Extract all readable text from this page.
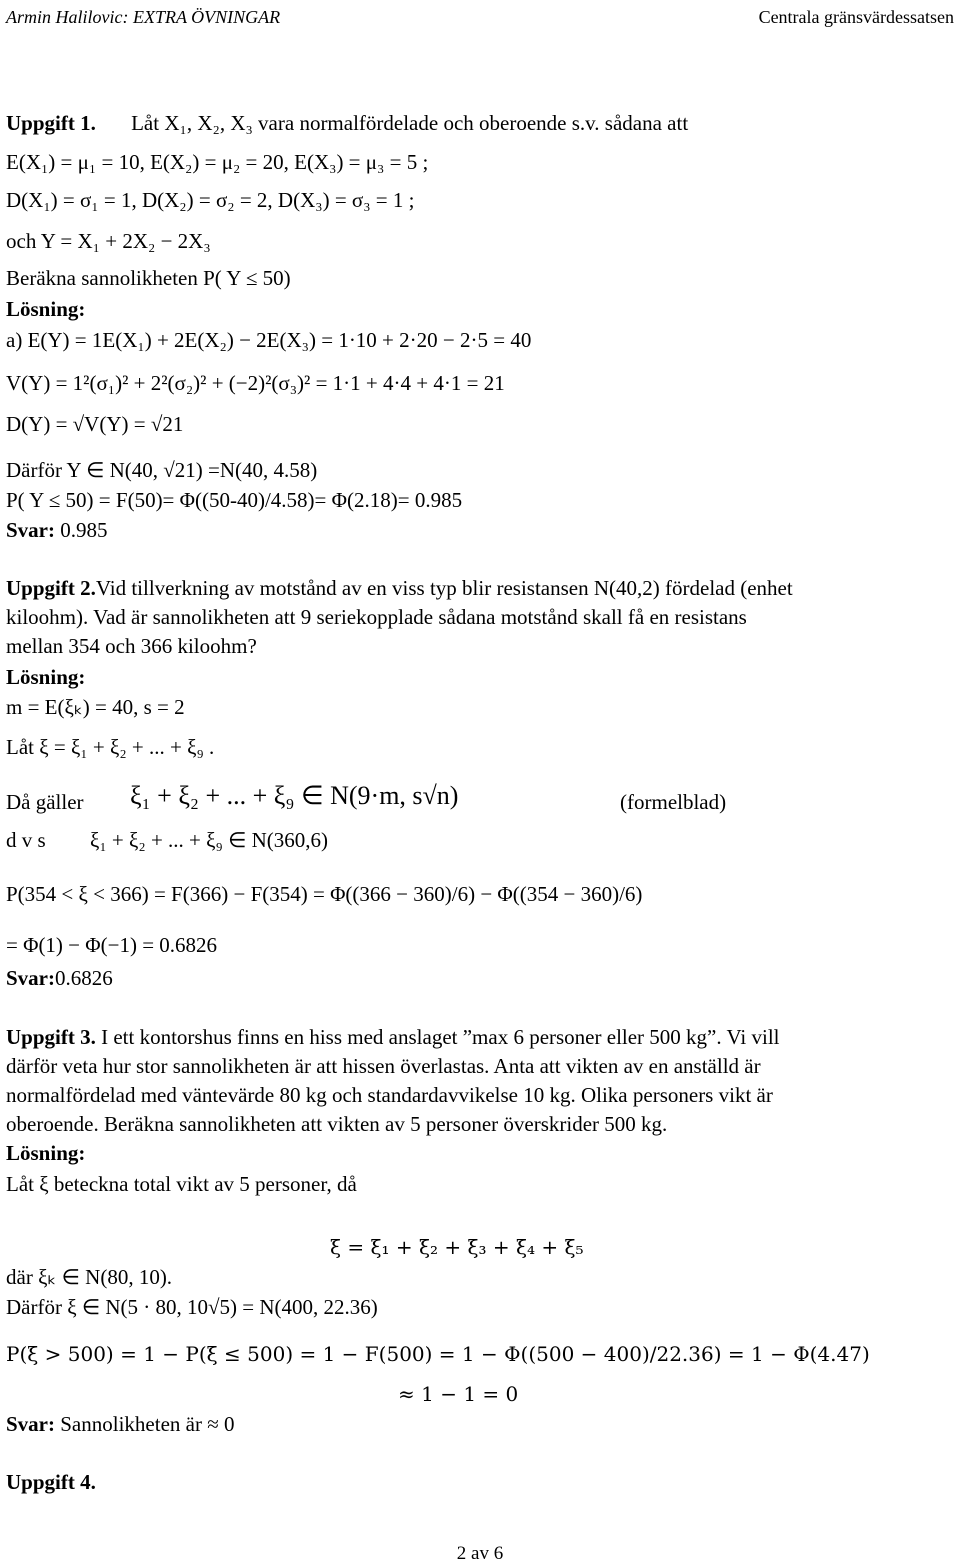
Armin Halilovic: EXTRA ÖVNINGAR	Centrala gränsvärdessatsen
Uppgift 1. Låt X₁, X₂, X₃ vara normalfördelade och oberoende s.v. sådana att
E(X₁) = μ₁ = 10, E(X₂) = μ₂ = 20, E(X₃) = μ₃ = 5 ;
D(X₁) = σ₁ = 1, D(X₂) = σ₂ = 2, D(X₃) = σ₃ = 1 ;
och Y = X₁ + 2X₂ − 2X₃
Beräkna sannolikheten P( Y ≤ 50)
Lösning:
a) E(Y) = 1E(X₁) + 2E(X₂) − 2E(X₃) = 1·10 + 2·20 − 2·5 = 40
V(Y) = 1²(σ₁)² + 2²(σ₂)² + (−2)²(σ₃)² = 1·1 + 4·4 + 4·1 = 21
D(Y) = √V(Y) = √21
Därför Y ∈ N(40, √21) =N(40, 4.58)
P( Y ≤ 50) = F(50)= Φ((50-40)/4.58)= Φ(2.18)= 0.985
Svar: 0.985
Uppgift 2.Vid tillverkning av motstånd av en viss typ blir resistansen N(40,2) fördelad (enhet
kiloohm). Vad är sannolikheten att 9 seriekopplade sådana motstånd skall få en resistans
mellan 354 och 366 kiloohm?
Lösning:
m = E(ξₖ) = 40, s = 2
Låt ξ = ξ₁ + ξ₂ + ... + ξ₉ .
Då gäller ξ₁ + ξ₂ + ... + ξ₉ ∈ N(9·m, s√n)	(formelblad)
d v s ξ₁ + ξ₂ + ... + ξ₉ ∈ N(360,6)
P(354 < ξ < 366) = F(366) − F(354) = Φ((366 − 360)/6) − Φ((354 − 360)/6)
= Φ(1) − Φ(−1) = 0.6826
Svar:0.6826
Uppgift 3. I ett kontorshus finns en hiss med anslaget ”max 6 personer eller 500 kg”. Vi vill
därför veta hur stor sannolikheten är att hissen överlastas. Anta att vikten av en anställd är
normalfördelad med väntevärde 80 kg och standardavvikelse 10 kg. Olika personers vikt är
oberoende. Beräkna sannolikheten att vikten av 5 personer överskrider 500 kg.
Lösning:
Låt ξ beteckna total vikt av 5 personer, då
ξ = ξ₁ + ξ₂ + ξ₃ + ξ₄ + ξ₅
där ξₖ ∈ N(80, 10).
Därför ξ ∈ N(5 · 80, 10√5) = N(400, 22.36)
P(ξ > 500) = 1 − P(ξ ≤ 500) = 1 − F(500) = 1 − Φ((500 − 400)/22.36) = 1 − Φ(4.47)
≈ 1 − 1 = 0
Svar: Sannolikheten är ≈ 0
Uppgift 4.
2 av 6
